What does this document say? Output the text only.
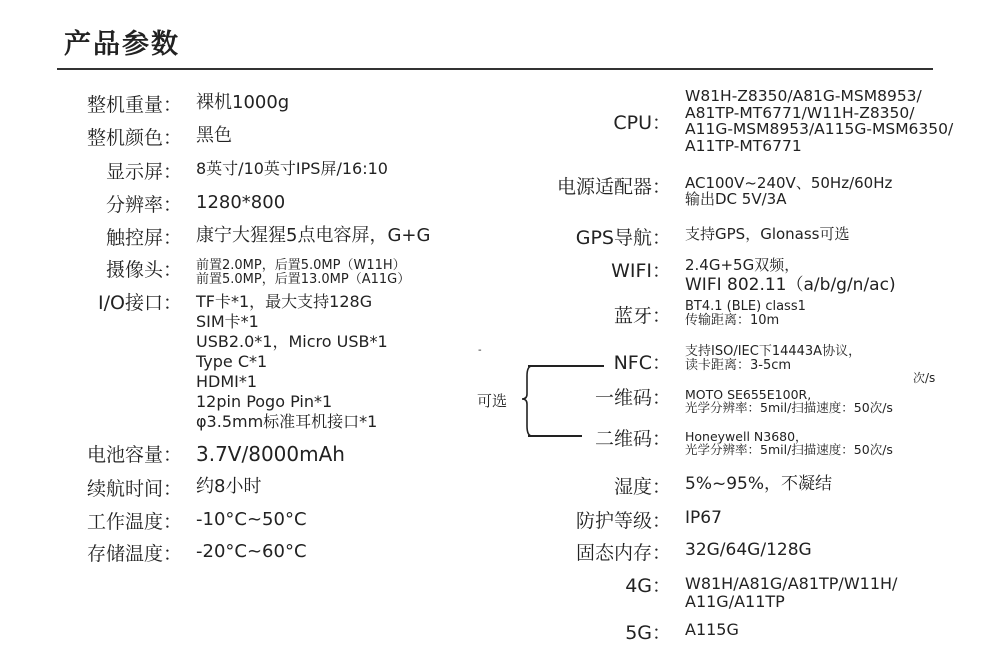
产品参数
整机重量： 裸机1000g
整机颜色： 黑色
显示屏： 8英寸/10英寸IPS屏/16:10
分辨率： 1280*800
触控屏： 康宁大猩猩5点电容屏，G+G
摄像头： 前置2.0MP，后置5.0MP（W11H）
前置5.0MP，后置13.0MP（A11G）
I/O接口： TF卡*1，最大支持128G
SIM卡*1
USB2.0*1，Micro USB*1
Type C*1
HDMI*1
12pin Pogo Pin*1
φ3.5mm标准耳机接口*1
电池容量： 3.7V/8000mAh
续航时间： 约8小时
工作温度： -10°C~50°C
存储温度： -20°C~60°C
CPU：
W81H-Z8350/A81G-MSM8953/
A81TP-MT6771/W11H-Z8350/
A11G-MSM8953/A115G-MSM6350/
A11TP-MT6771
电源适配器： AC100V~240V、50Hz/60Hz
输出DC 5V/3A
GPS导航： 支持GPS，Glonass可选
WIFI： 2.4G+5G双频，
WIFI 802.11（a/b/g/n/ac)
蓝牙： BT4.1 (BLE) class1
传输距离：10m
NFC：
支持ISO/IEC下14443A协议，
读卡距离：3-5cm
一维码： MOTO SE655E100R,
光学分辨率：5mil/扫描速度：50次/s
二维码： Honeywell N3680，
光学分辨率：5mil/扫描速度：50次/s
湿度： 5%~95%，不凝结
防护等级： IP67
固态内存： 32G/64G/128G
4G： W81H/A81G/A81TP/W11H/
A11G/A11TP
5G： A115G
可选
次/s
-
